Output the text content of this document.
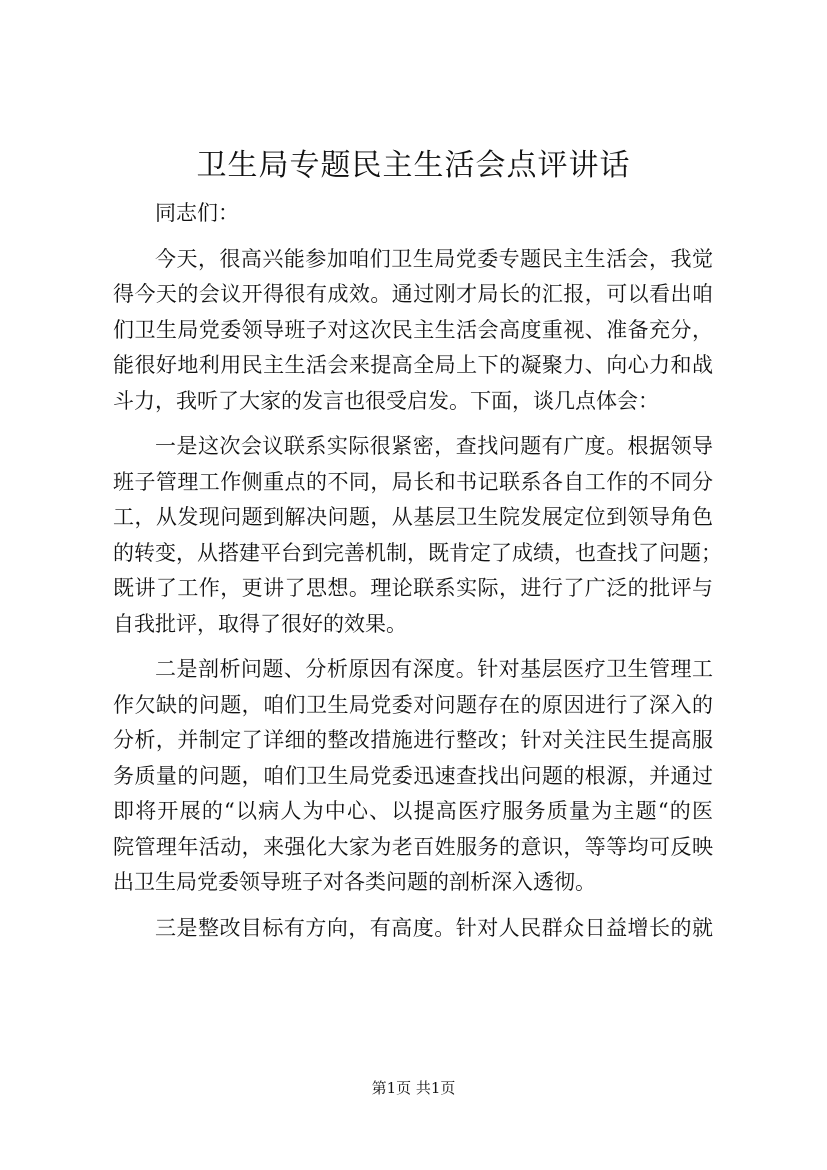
卫生局专题民主生活会点评讲话
同志们：
今天，很高兴能参加咱们卫生局党委专题民主生活会，我觉
得今天的会议开得很有成效。通过刚才局长的汇报，可以看出咱
们卫生局党委领导班子对这次民主生活会高度重视、准备充分，
能很好地利用民主生活会来提高全局上下的凝聚力、向心力和战
斗力，我听了大家的发言也很受启发。下面，谈几点体会：
一是这次会议联系实际很紧密，查找问题有广度。根据领导
班子管理工作侧重点的不同，局长和书记联系各自工作的不同分
工，从发现问题到解决问题，从基层卫生院发展定位到领导角色
的转变，从搭建平台到完善机制，既肯定了成绩，也查找了问题；
既讲了工作，更讲了思想。理论联系实际，进行了广泛的批评与
自我批评，取得了很好的效果。
二是剖析问题、分析原因有深度。针对基层医疗卫生管理工
作欠缺的问题，咱们卫生局党委对问题存在的原因进行了深入的
分析，并制定了详细的整改措施进行整改；针对关注民生提高服
务质量的问题，咱们卫生局党委迅速查找出问题的根源，并通过
即将开展的“以病人为中心、以提高医疗服务质量为主题“的医
院管理年活动，来强化大家为老百姓服务的意识，等等均可反映
出卫生局党委领导班子对各类问题的剖析深入透彻。
三是整改目标有方向，有高度。针对人民群众日益增长的就
第1页 共1页
